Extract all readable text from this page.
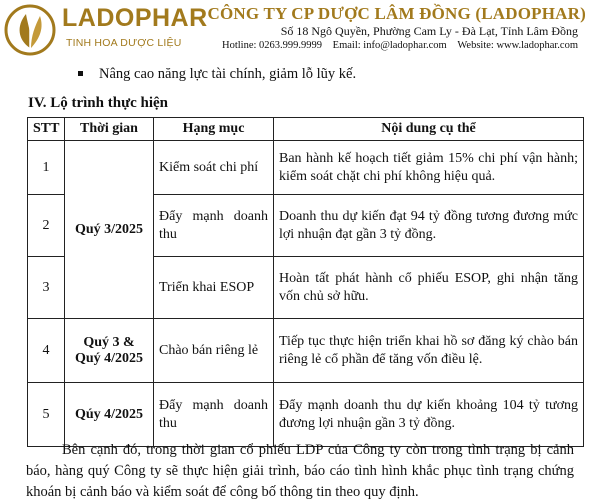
LADOPHAR
TINH HOA DƯỢC LIỆU
CÔNG TY CP DƯỢC LÂM ĐỒNG (LADOPHAR)
Số 18 Ngô Quyền, Phường Cam Ly - Đà Lạt, Tỉnh Lâm Đồng
Hotline: 0263.999.9999 Email: info@ladophar.com Website: www.ladophar.com
Nâng cao năng lực tài chính, giảm lỗ lũy kế.
IV. Lộ trình thực hiện
STT	Thời gian	Hạng mục	Nội dung cụ thể
1	Quý 3/2025	Kiểm soát chi phí	Ban hành kế hoạch tiết giảm 15% chi phí vận hành; kiểm soát chặt chi phí không hiệu quả.
2		Đẩy mạnh doanh thu	Doanh thu dự kiến đạt 94 tỷ đồng tương đương mức lợi nhuận đạt gần 3 tỷ đồng.
3		Triển khai ESOP	Hoàn tất phát hành cổ phiếu ESOP, ghi nhận tăng vốn chủ sở hữu.
4	Quý 3 & Quý 4/2025	Chào bán riêng lẻ	Tiếp tục thực hiện triển khai hồ sơ đăng ký chào bán riêng lẻ cổ phần để tăng vốn điều lệ.
5	Qúy 4/2025	Đẩy mạnh doanh thu	Đẩy mạnh doanh thu dự kiến khoảng 104 tỷ tương đương lợi nhuận gần 3 tỷ đồng.
Bên cạnh đó, trong thời gian cổ phiếu LDP của Công ty còn trong tình trạng bị cảnh báo, hàng quý Công ty sẽ thực hiện giải trình, báo cáo tình hình khắc phục tình trạng chứng khoán bị cảnh báo và kiểm soát để công bố thông tin theo quy định.
